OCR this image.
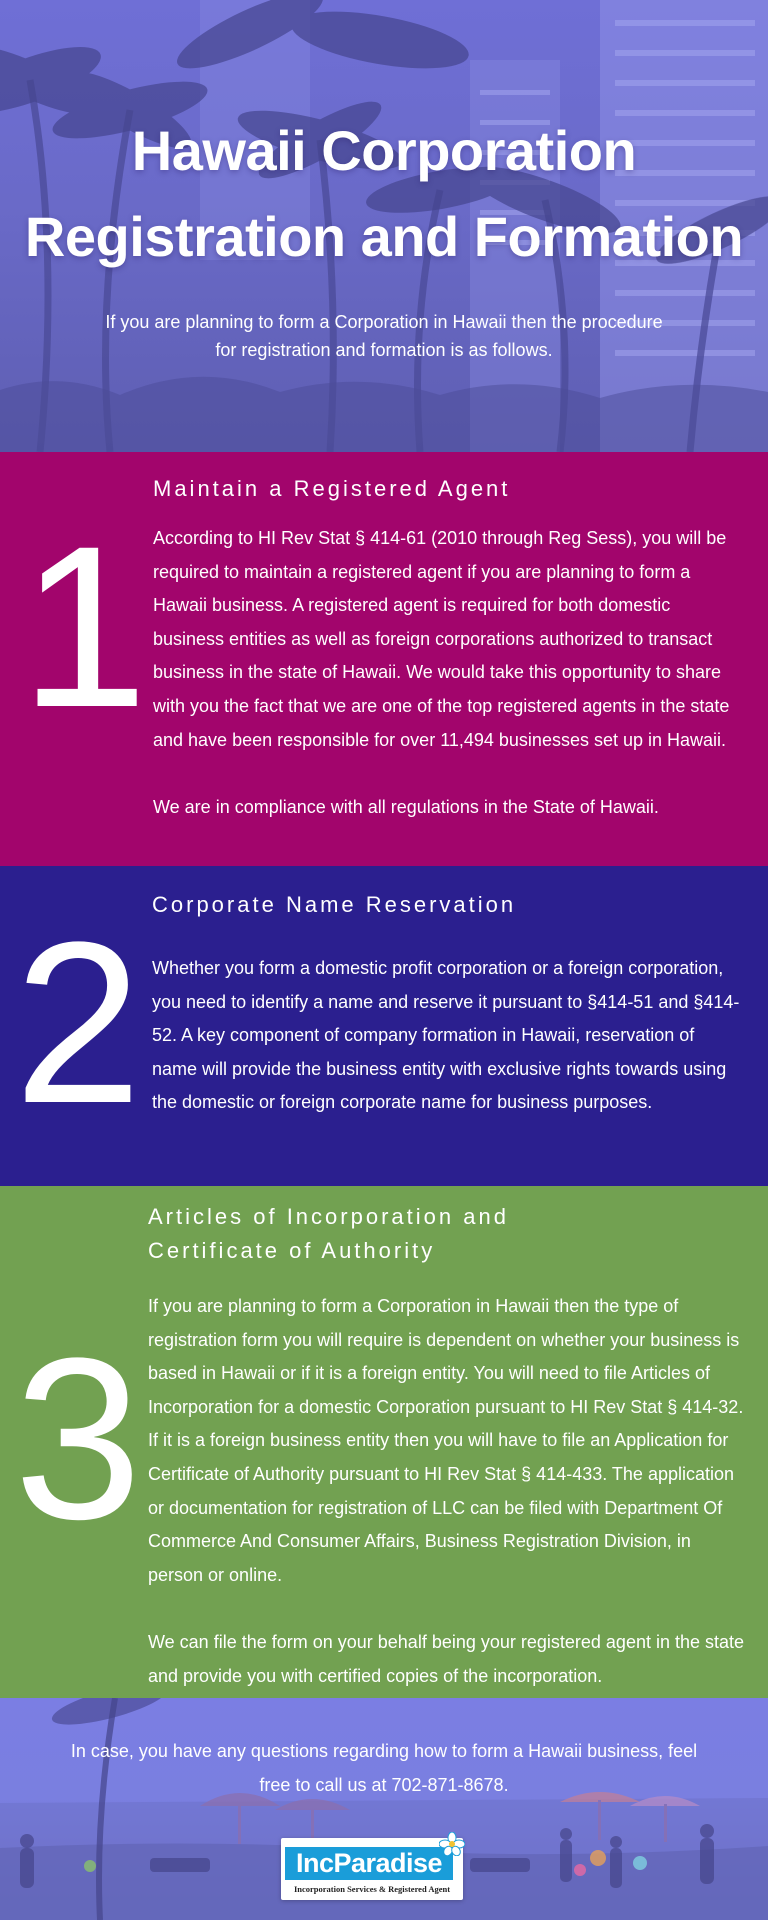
Hawaii Corporation
Registration and Formation
If you are planning to form a Corporation in Hawaii then the procedure for registration and formation is as follows.
1
Maintain a Registered Agent

According to HI Rev Stat § 414-61 (2010 through Reg Sess), you will be required to maintain a registered agent if you are planning to form a Hawaii business. A registered agent is required for both domestic business entities as well as foreign corporations authorized to transact business in the state of Hawaii. We would take this opportunity to share with you the fact that we are one of the top registered agents in the state and have been responsible for over 11,494 businesses set up in Hawaii.

We are in compliance with all regulations in the State of Hawaii.

2 Corporate Name Reservation

Whether you form a domestic profit corporation or a foreign corporation, you need to identify a name and reserve it pursuant to §414-51 and §414-52. A key component of company formation in Hawaii, reservation of name will provide the business entity with exclusive rights towards using the domestic or foreign corporate name for business purposes.

3
Articles of Incorporation and
Certificate of Authority

If you are planning to form a Corporation in Hawaii then the type of registration form you will require is dependent on whether your business is based in Hawaii or if it is a foreign entity. You will need to file Articles of Incorporation for a domestic Corporation pursuant to HI Rev Stat § 414-32. If it is a foreign business entity then you will have to file an Application for Certificate of Authority pursuant to HI Rev Stat § 414-433. The application or documentation for registration of LLC can be filed with Department Of Commerce And Consumer Affairs, Business Registration Division, in person or online.

We can file the form on your behalf being your registered agent in the state and provide you with certified copies of the incorporation.

In case, you have any questions regarding how to form a Hawaii business, feel free to call us at 702-871-8678.
IncParadise
Incorporation Services & Registered Agent
